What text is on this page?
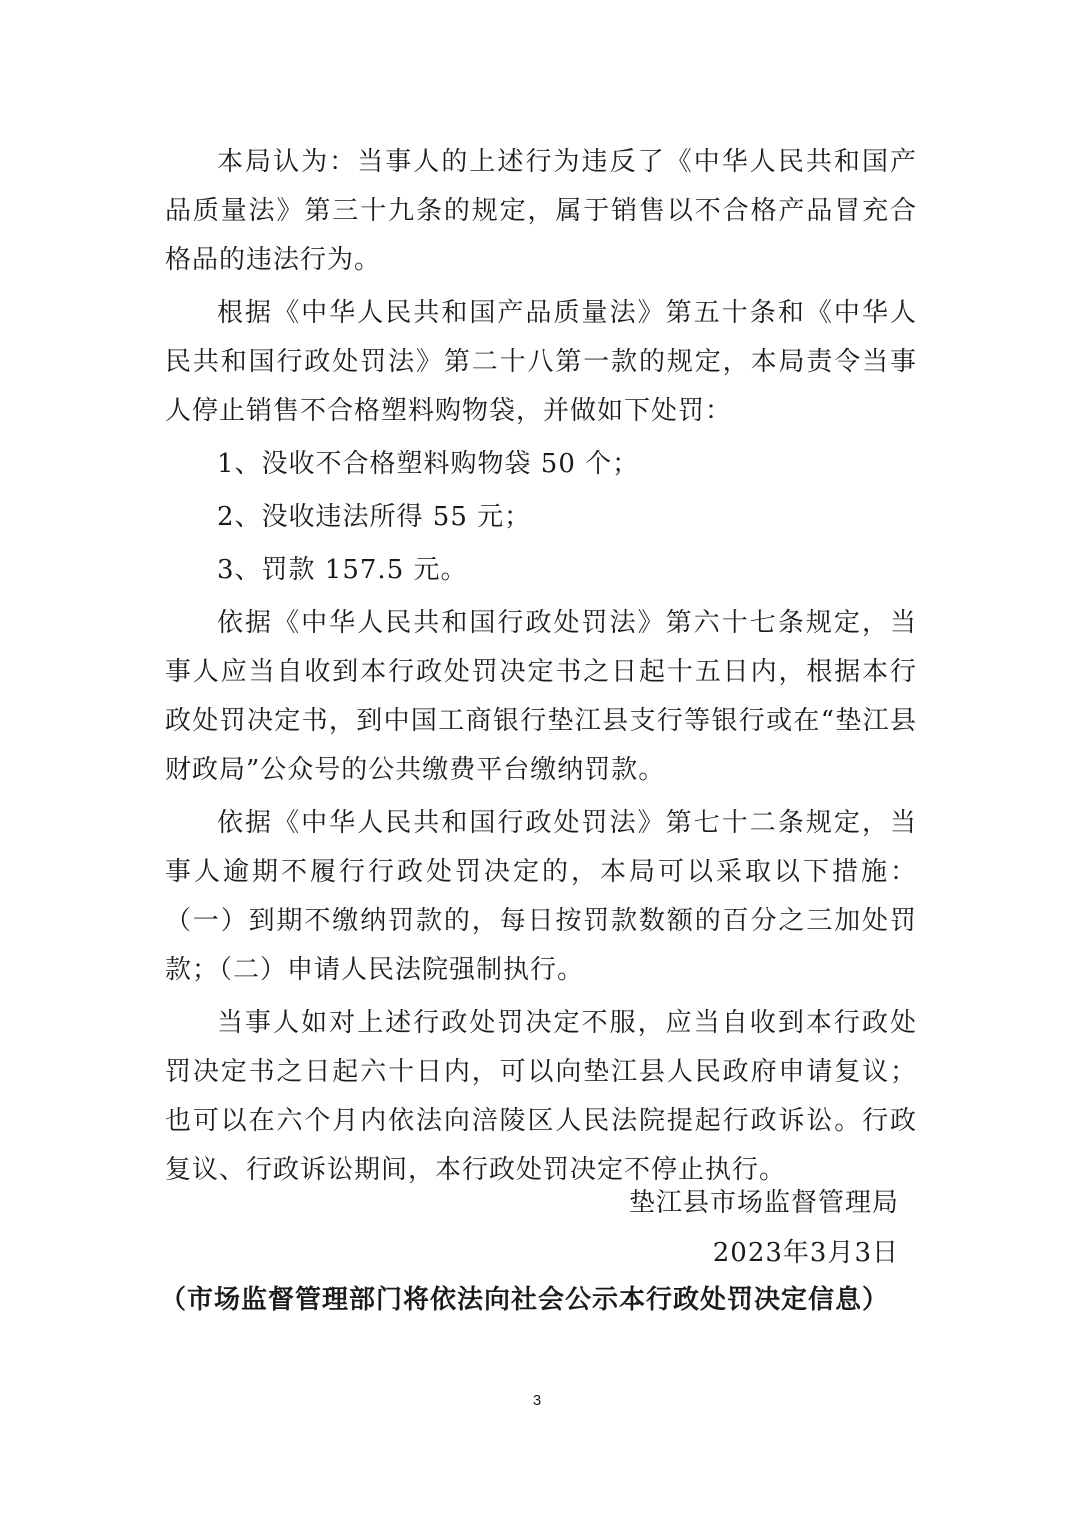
本局认为：当事人的上述行为违反了《中华人民共和国产品质量法》第三十九条的规定，属于销售以不合格产品冒充合格品的违法行为。

根据《中华人民共和国产品质量法》第五十条和《中华人民共和国行政处罚法》第二十八第一款的规定，本局责令当事人停止销售不合格塑料购物袋，并做如下处罚：

1、没收不合格塑料购物袋 50 个；

2、没收违法所得 55 元；

3、罚款 157.5 元。

依据《中华人民共和国行政处罚法》第六十七条规定，当事人应当自收到本行政处罚决定书之日起十五日内，根据本行政处罚决定书，到中国工商银行垫江县支行等银行或在“垫江县财政局”公众号的公共缴费平台缴纳罚款。

依据《中华人民共和国行政处罚法》第七十二条规定，当事人逾期不履行行政处罚决定的，本局可以采取以下措施：（一）到期不缴纳罚款的，每日按罚款数额的百分之三加处罚款；（二）申请人民法院强制执行。

当事人如对上述行政处罚决定不服，应当自收到本行政处罚决定书之日起六十日内，可以向垫江县人民政府申请复议；也可以在六个月内依法向涪陵区人民法院提起行政诉讼。行政复议、行政诉讼期间，本行政处罚决定不停止执行。

垫江县市场监督管理局
2023年3月3日
（市场监督管理部门将依法向社会公示本行政处罚决定信息）
3
